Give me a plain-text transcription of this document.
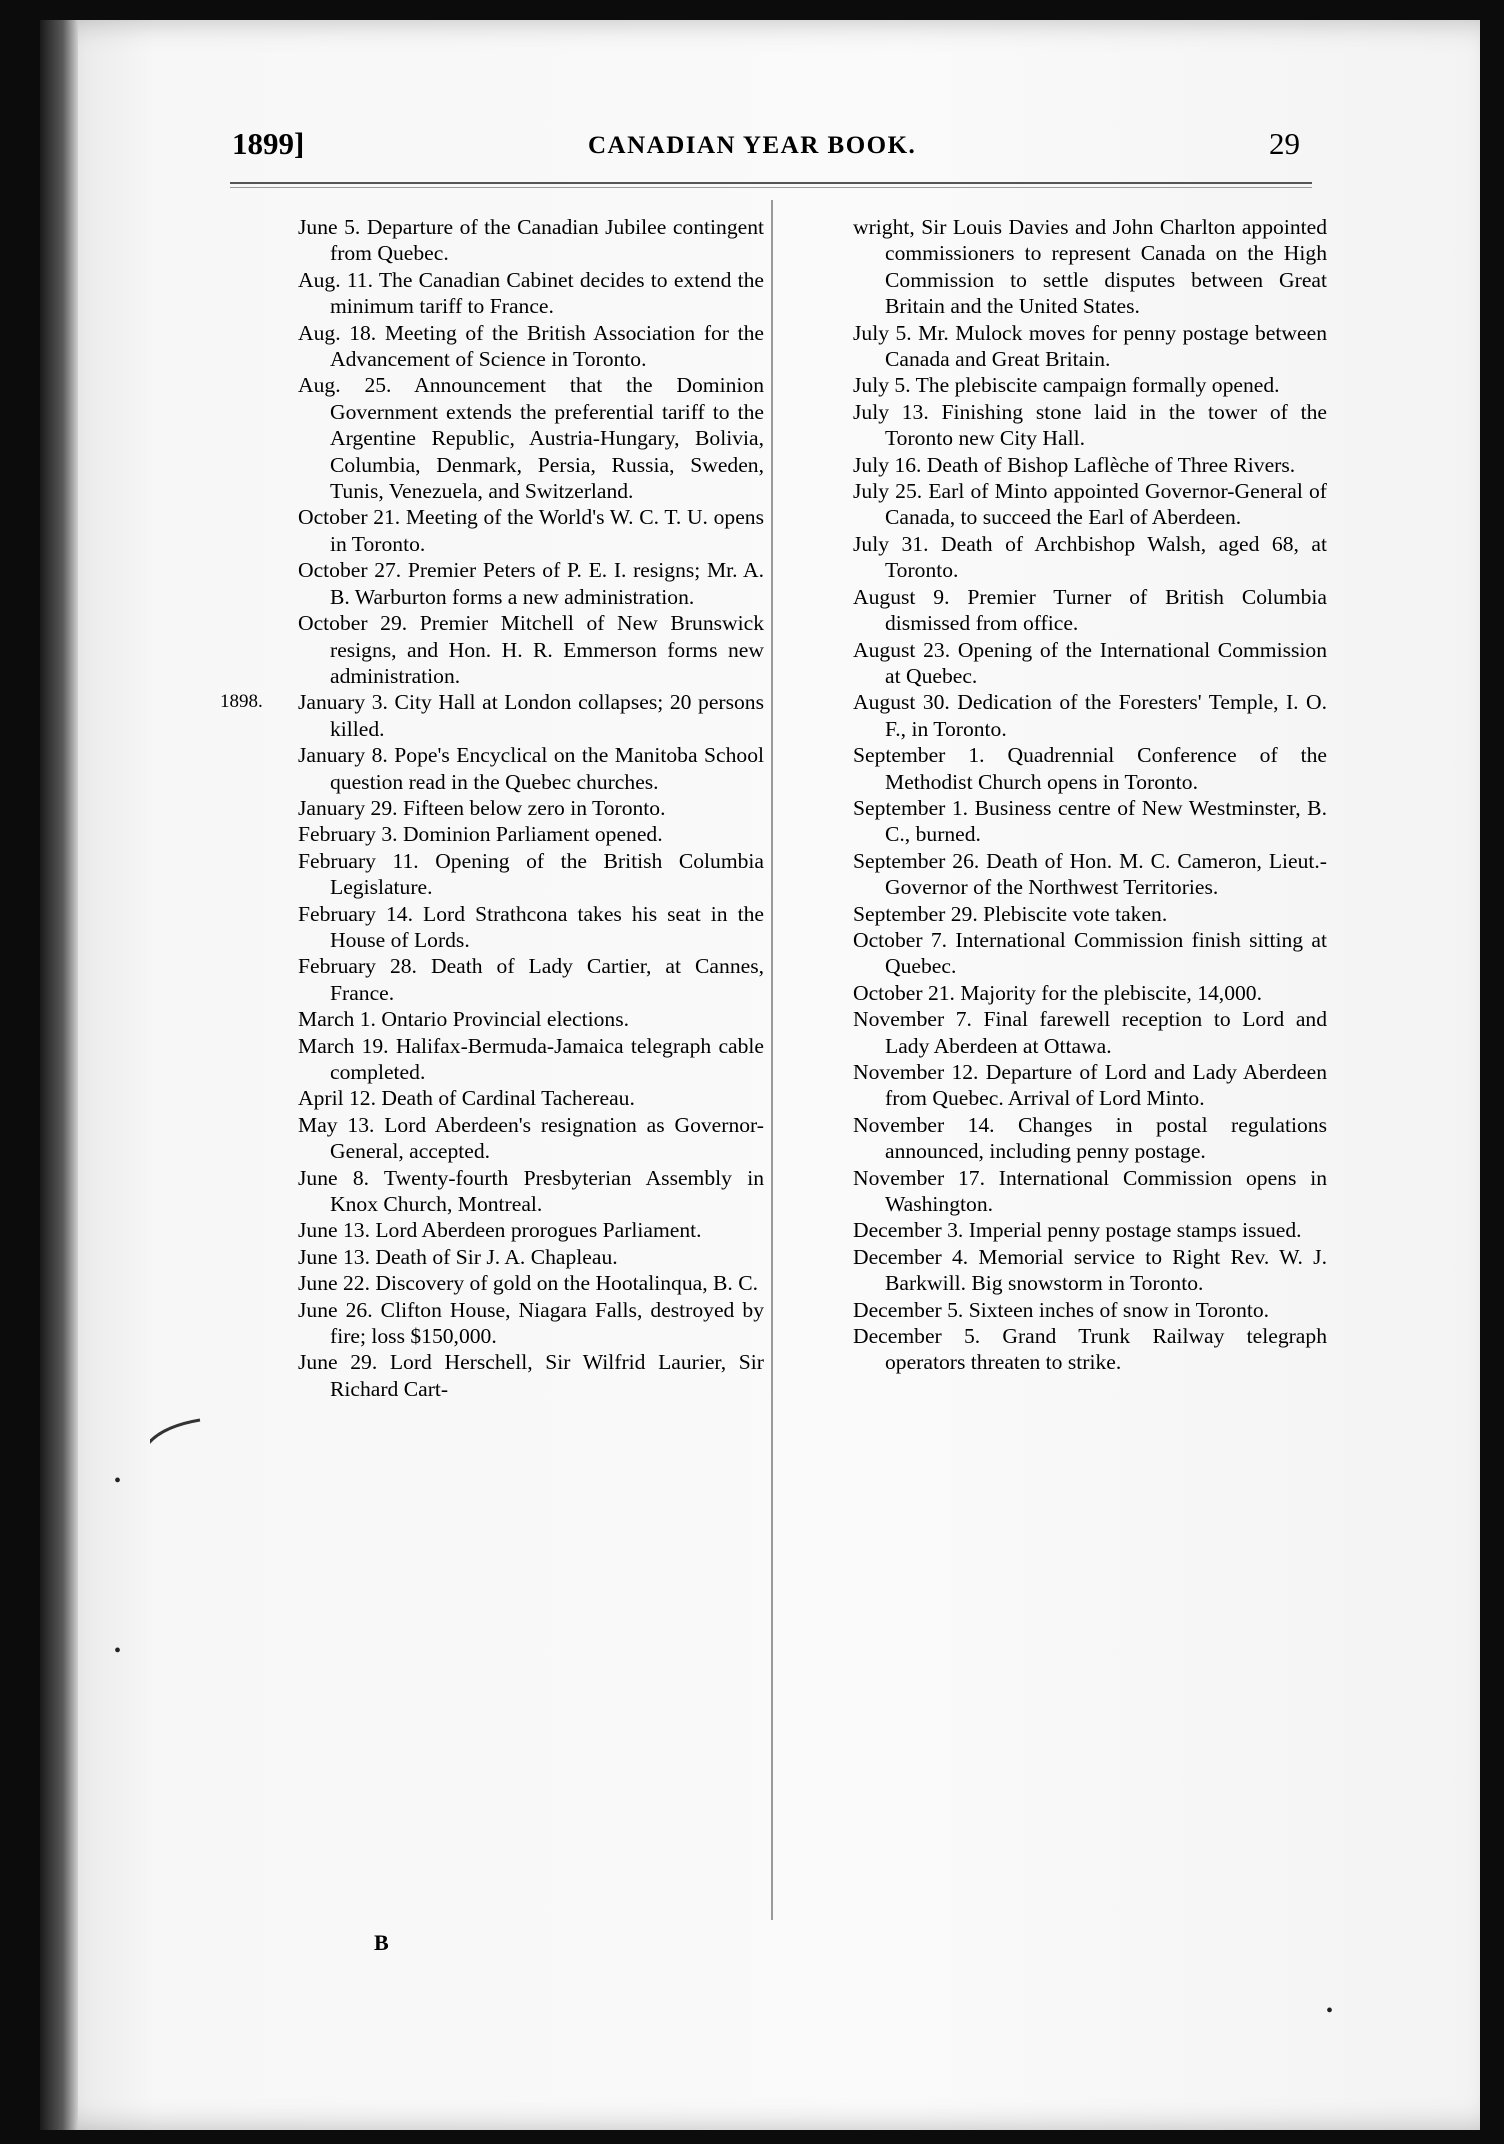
1899]	CANADIAN YEAR BOOK.	29

June 5. Departure of the Canadian Jubilee contingent from Quebec.

Aug. 11. The Canadian Cabinet decides to extend the minimum tariff to France.

Aug. 18. Meeting of the British Association for the Advancement of Science in Toronto.

Aug. 25. Announcement that the Dominion Government extends the preferential tariff to the Argentine Republic, Austria-Hungary, Bolivia, Columbia, Denmark, Persia, Russia, Sweden, Tunis, Venezuela, and Switzerland.

October 21. Meeting of the World's W. C. T. U. opens in Toronto.

October 27. Premier Peters of P. E. I. resigns; Mr. A. B. Warburton forms a new administration.

October 29. Premier Mitchell of New Brunswick resigns, and Hon. H. R. Emmerson forms new administration.

1898. January 3. City Hall at London collapses; 20 persons killed.

January 8. Pope's Encyclical on the Manitoba School question read in the Quebec churches.

January 29. Fifteen below zero in Toronto.

February 3. Dominion Parliament opened.

February 11. Opening of the British Columbia Legislature.

February 14. Lord Strathcona takes his seat in the House of Lords.

February 28. Death of Lady Cartier, at Cannes, France.

March 1. Ontario Provincial elections.

March 19. Halifax-Bermuda-Jamaica telegraph cable completed.

April 12. Death of Cardinal Tachereau.

May 13. Lord Aberdeen's resignation as Governor-General, accepted.

June 8. Twenty-fourth Presbyterian Assembly in Knox Church, Montreal.

June 13. Lord Aberdeen prorogues Parliament.

June 13. Death of Sir J. A. Chapleau.

June 22. Discovery of gold on the Hootalinqua, B. C.

June 26. Clifton House, Niagara Falls, destroyed by fire; loss $150,000.

June 29. Lord Herschell, Sir Wilfrid Laurier, Sir Richard Cart-

wright, Sir Louis Davies and John Charlton appointed commissioners to represent Canada on the High Commission to settle disputes between Great Britain and the United States.

July 5. Mr. Mulock moves for penny postage between Canada and Great Britain.

July 5. The plebiscite campaign formally opened.

July 13. Finishing stone laid in the tower of the Toronto new City Hall.

July 16. Death of Bishop Laflèche of Three Rivers.

July 25. Earl of Minto appointed Governor-General of Canada, to succeed the Earl of Aberdeen.

July 31. Death of Archbishop Walsh, aged 68, at Toronto.

August 9. Premier Turner of British Columbia dismissed from office.

August 23. Opening of the International Commission at Quebec.

August 30. Dedication of the Foresters' Temple, I. O. F., in Toronto.

September 1. Quadrennial Conference of the Methodist Church opens in Toronto.

September 1. Business centre of New Westminster, B. C., burned.

September 26. Death of Hon. M. C. Cameron, Lieut.-Governor of the Northwest Territories.

September 29. Plebiscite vote taken.

October 7. International Commission finish sitting at Quebec.

October 21. Majority for the plebiscite, 14,000.

November 7. Final farewell reception to Lord and Lady Aberdeen at Ottawa.

November 12. Departure of Lord and Lady Aberdeen from Quebec. Arrival of Lord Minto.

November 14. Changes in postal regulations announced, including penny postage.

November 17. International Commission opens in Washington.

December 3. Imperial penny postage stamps issued.

December 4. Memorial service to Right Rev. W. J. Barkwill. Big snowstorm in Toronto.

December 5. Sixteen inches of snow in Toronto.

December 5. Grand Trunk Railway telegraph operators threaten to strike.

B
•
•
•
